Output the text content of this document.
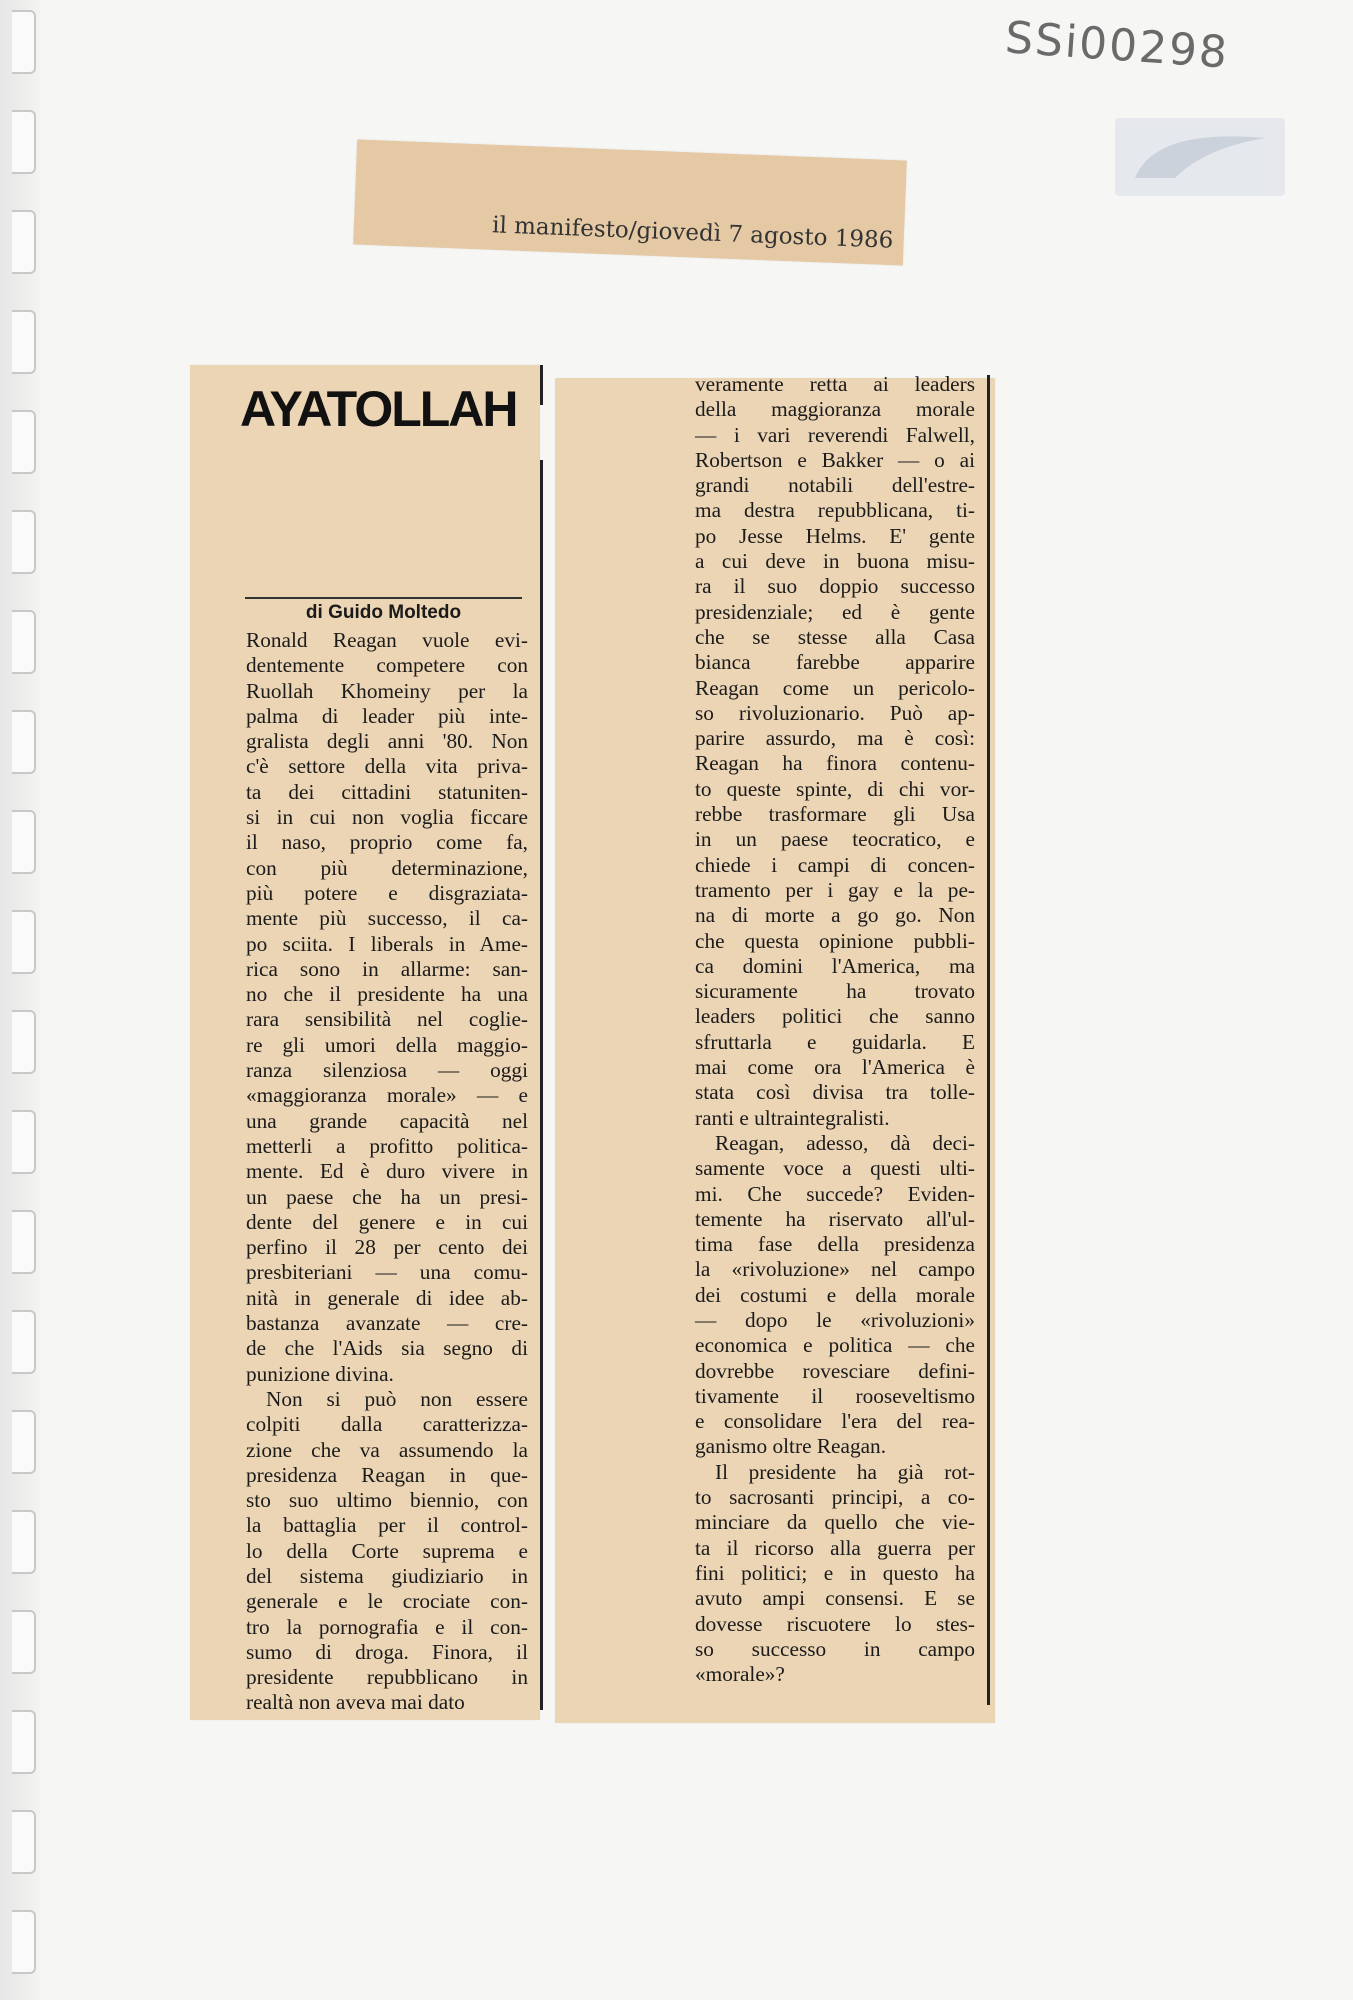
SSi00298
il manifesto/giovedì 7 agosto 1986
AYATOLLAH
di Guido Moltedo

Ronald Reagan vuole evi-
dentemente competere con
Ruollah Khomeiny per la
palma di leader più inte-
gralista degli anni '80. Non
c'è settore della vita priva-
ta dei cittadini statuniten-
si in cui non voglia ficcare
il naso, proprio come fa,
con più determinazione,
più potere e disgraziata-
mente più successo, il ca-
po sciita. I liberals in Ame-
rica sono in allarme: san-
no che il presidente ha una
rara sensibilità nel coglie-
re gli umori della maggio-
ranza silenziosa — oggi
«maggioranza morale» — e
una grande capacità nel
metterli a profitto politica-
mente. Ed è duro vivere in
un paese che ha un presi-
dente del genere e in cui
perfino il 28 per cento dei
presbiteriani — una comu-
nità in generale di idee ab-
bastanza avanzate — cre-
de che l'Aids sia segno di
punizione divina.

Non si può non essere
colpiti dalla caratterizza-
zione che va assumendo la
presidenza Reagan in que-
sto suo ultimo biennio, con
la battaglia per il control-
lo della Corte suprema e
del sistema giudiziario in
generale e le crociate con-
tro la pornografia e il con-
sumo di droga. Finora, il
presidente repubblicano in
realtà non aveva mai dato

veramente retta ai leaders
della maggioranza morale
— i vari reverendi Falwell,
Robertson e Bakker — o ai
grandi notabili dell'estre-
ma destra repubblicana, ti-
po Jesse Helms. E' gente
a cui deve in buona misu-
ra il suo doppio successo
presidenziale; ed è gente
che se stesse alla Casa
bianca farebbe apparire
Reagan come un pericolo-
so rivoluzionario. Può ap-
parire assurdo, ma è così:
Reagan ha finora contenu-
to queste spinte, di chi vor-
rebbe trasformare gli Usa
in un paese teocratico, e
chiede i campi di concen-
tramento per i gay e la pe-
na di morte a go go. Non
che questa opinione pubbli-
ca domini l'America, ma
sicuramente ha trovato
leaders politici che sanno
sfruttarla e guidarla. E
mai come ora l'America è
stata così divisa tra tolle-
ranti e ultraintegralisti.

Reagan, adesso, dà deci-
samente voce a questi ulti-
mi. Che succede? Eviden-
temente ha riservato all'ul-
tima fase della presidenza
la «rivoluzione» nel campo
dei costumi e della morale
— dopo le «rivoluzioni»
economica e politica — che
dovrebbe rovesciare defini-
tivamente il rooseveltismo
e consolidare l'era del rea-
ganismo oltre Reagan.

Il presidente ha già rot-
to sacrosanti principi, a co-
minciare da quello che vie-
ta il ricorso alla guerra per
fini politici; e in questo ha
avuto ampi consensi. E se
dovesse riscuotere lo stes-
so successo in campo
«morale»?
